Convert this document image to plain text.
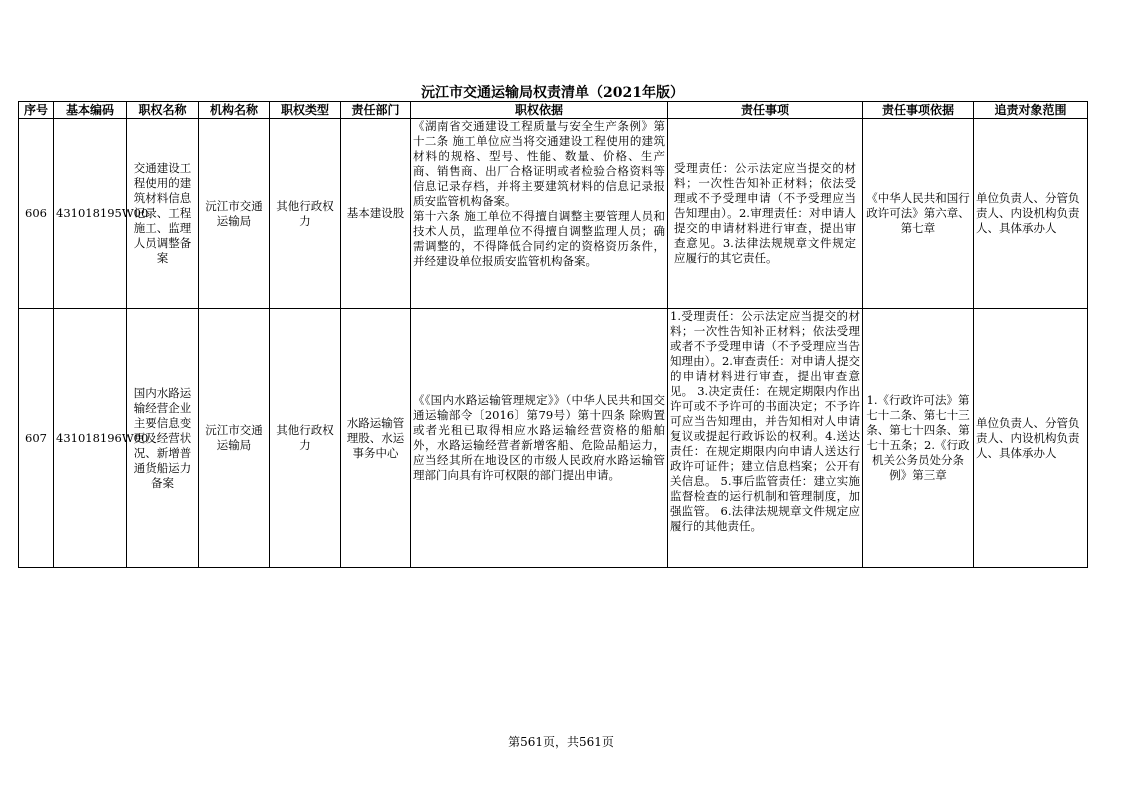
沅江市交通运输局权责清单（2021年版）
序号	基本编码	职权名称	机构名称	职权类型	责任部门	职权依据	责任事项	责任事项依据	追责对象范围
606	431018195W00	交通建设工程使用的建筑材料信息记录、工程施工、监理人员调整备案	沅江市交通运输局	其他行政权力	基本建设股	《湖南省交通建设工程质量与安全生产条例》第十二条 施工单位应当将交通建设工程使用的建筑材料的规格、型号、性能、数量、价格、生产商、销售商、出厂合格证明或者检验合格资料等信息记录存档，并将主要建筑材料的信息记录报质安监管机构备案。
第十六条 施工单位不得擅自调整主要管理人员和技术人员，监理单位不得擅自调整监理人员；确需调整的，不得降低合同约定的资格资历条件，并经建设单位报质安监管机构备案。	受理责任：公示法定应当提交的材料；一次性告知补正材料；依法受理或不予受理申请（不予受理应当告知理由）。2.审理责任：对申请人提交的申请材料进行审查，提出审查意见。3.法律法规规章文件规定应履行的其它责任。	《中华人民共和国行政许可法》第六章、第七章	单位负责人、分管负责人、内设机构负责人、具体承办人
607	431018196W00	国内水路运输经营企业主要信息变更及经营状况、新增普通货船运力备案	沅江市交通运输局	其他行政权力	水路运输管理股、水运事务中心	《《国内水路运输管理规定》》（中华人民共和国交通运输部令〔2016〕第79号）第十四条 除购置或者光租已取得相应水路运输经营资格的船舶外，水路运输经营者新增客船、危险品船运力，应当经其所在地设区的市级人民政府水路运输管理部门向具有许可权限的部门提出申请。	1.受理责任：公示法定应当提交的材料；一次性告知补正材料；依法受理或者不予受理申请（不予受理应当告知理由）。2.审查责任：对申请人提交的申请材料进行审查，提出审查意见。 3.决定责任：在规定期限内作出许可或不予许可的书面决定；不予许可应当告知理由，并告知相对人申请复议或提起行政诉讼的权利。4.送达责任：在规定期限内向申请人送达行政许可证件；建立信息档案；公开有关信息。 5.事后监管责任：建立实施监督检查的运行机制和管理制度，加强监管。 6.法律法规规章文件规定应履行的其他责任。	1.《行政许可法》第七十二条、第七十三条、第七十四条、第七十五条；2.《行政机关公务员处分条例》第三章	单位负责人、分管负责人、内设机构负责人、具体承办人
第561页，共561页
